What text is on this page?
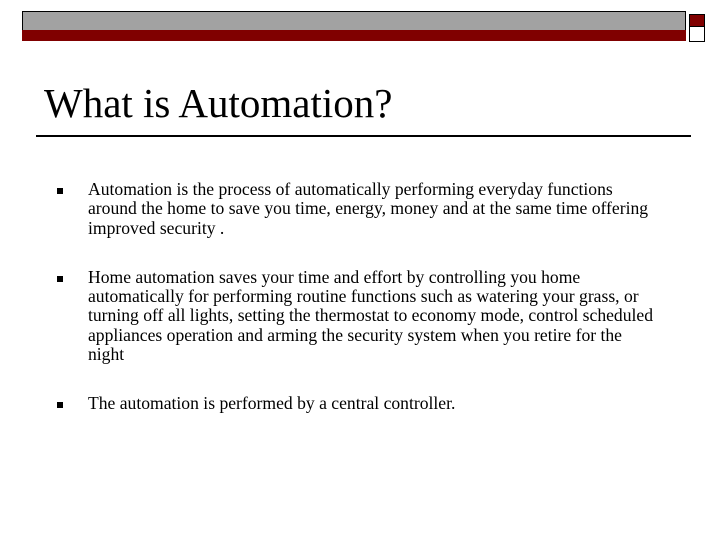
What is Automation?
Automation is the process of automatically performing everyday functions around the home to save you time, energy, money and at the same time offering improved security .
Home automation saves your time and effort by controlling you home automatically for performing routine functions such as watering your grass, or turning off all lights, setting the thermostat to economy mode, control scheduled appliances operation and arming the security system when you retire for the night
The automation is performed by a central controller.
